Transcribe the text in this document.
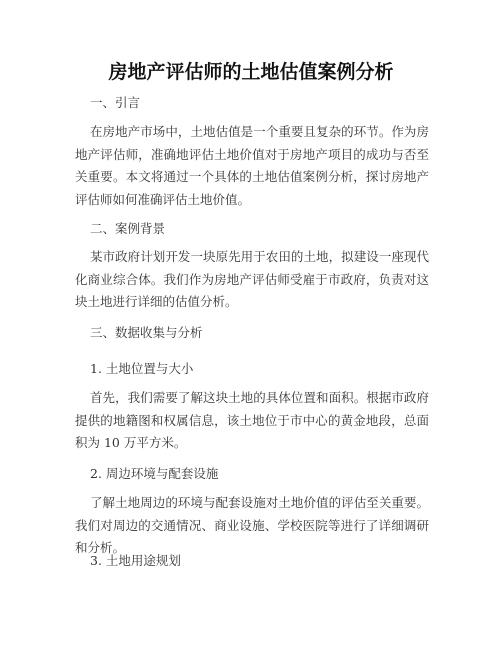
房地产评估师的土地估值案例分析
一、引言

在房地产市场中，土地估值是一个重要且复杂的环节。作为房地产评估师，准确地评估土地价值对于房地产项目的成功与否至关重要。本文将通过一个具体的土地估值案例分析，探讨房地产评估师如何准确评估土地价值。

二、案例背景

某市政府计划开发一块原先用于农田的土地，拟建设一座现代化商业综合体。我们作为房地产评估师受雇于市政府，负责对这块土地进行详细的估值分析。

三、数据收集与分析
1. 土地位置与大小

首先，我们需要了解这块土地的具体位置和面积。根据市政府提供的地籍图和权属信息，该土地位于市中心的黄金地段，总面积为 10 万平方米。

2. 周边环境与配套设施

了解土地周边的环境与配套设施对土地价值的评估至关重要。我们对周边的交通情况、商业设施、学校医院等进行了详细调研和分析。

3. 土地用途规划
